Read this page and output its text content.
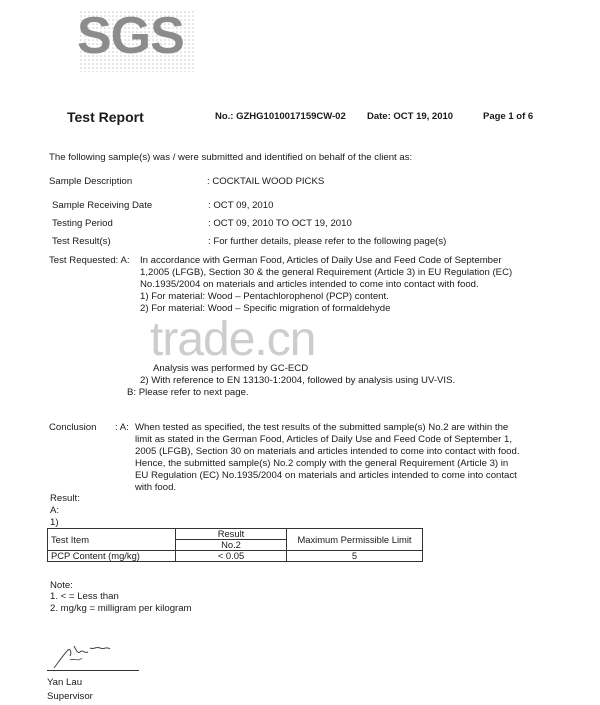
SGS
Test Report	No.: GZHG1010017159CW-02 Date: OCT 19, 2010	Page 1 of 6
The following sample(s) was / were submitted and identified on behalf of the client as:
Sample Description	: COCKTAIL WOOD PICKS
Sample Receiving Date	: OCT 09, 2010
Testing Period	: OCT 09, 2010 TO OCT 19, 2010
Test Result(s)	: For further details, please refer to the following page(s)
Test Requested: A: In accordance with German Food, Articles of Daily Use and Feed Code of September
1,2005 (LFGB), Section 30 & the general Requirement (Article 3) in EU Regulation (EC)
No.1935/2004 on materials and articles intended to come into contact with food.
1) For material: Wood – Pentachlorophenol (PCP) content.
2) For material: Wood – Specific migration of formaldehyde
trade.cn
Analysis was performed by GC-ECD
2) With reference to EN 13130-1:2004, followed by analysis using UV-VIS.
B: Please refer to next page.
Conclusion : A: When tested as specified, the test results of the submitted sample(s) No.2 are within the
limit as stated in the German Food, Articles of Daily Use and Feed Code of September 1,
2005 (LFGB), Section 30 on materials and articles intended to come into contact with food.
Hence, the submitted sample(s) No.2 comply with the general Requirement (Article 3) in
EU Regulation (EC) No.1935/2004 on materials and articles intended to come into contact
with food.
Result:
A:
1)
Test Item	Result	Maximum Permissible Limit
	No.2	
PCP Content (mg/kg)	< 0.05	5
Note:
1. < = Less than
2. mg/kg = milligram per kilogram
Yan Lau
Supervisor
